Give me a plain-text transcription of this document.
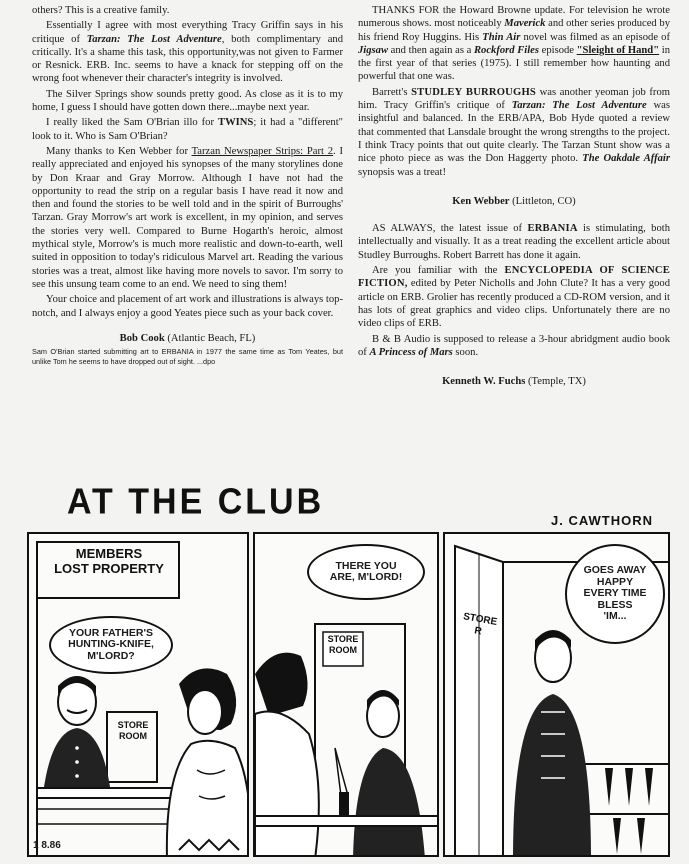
others? This is a creative family.

Essentially I agree with most everything Tracy Griffin says in his critique of Tarzan: The Lost Adventure, both complimentary and critically. It's a shame this task, this opportunity,was not given to Farmer or Resnick. ERB. Inc. seems to have a knack for stepping off on the wrong foot whenever their character's integrity is involved.

The Silver Springs show sounds pretty good. As close as it is to my home, I guess I should have gotten down there...maybe next year.

I really liked the Sam O'Brian illo for TWINS; it had a "different" look to it. Who is Sam O'Brian?

Many thanks to Ken Webber for Tarzan Newspaper Strips: Part 2. I really appreciated and enjoyed his synopses of the many storylines done by Don Kraar and Gray Morrow. Although I have not had the opportunity to read the strip on a regular basis I have read it now and then and found the stories to be well told and in the spirit of Burroughs' Tarzan. Gray Morrow's art work is excellent, in my opinion, and serves the stories very well. Compared to Burne Hogarth's heroic, almost mythical style, Morrow's is much more realistic and down-to-earth, well suited in opposition to today's ridiculous Marvel art. Reading the various stories was a treat, almost like having more novels to savor. I'm sorry to see this unsung team come to an end. We need to sing them!

Your choice and placement of art work and illustrations is always top-notch, and I always enjoy a good Yeates piece such as your back cover.

Bob Cook (Atlantic Beach, FL)

Sam O'Brian started submitting art to ERBANIA in 1977 the same time as Tom Yeates, but unlike Tom he seems to have dropped out of sight. ...dpo

THANKS FOR the Howard Browne update. For television he wrote numerous shows. most noticeably Maverick and other series produced by his friend Roy Huggins. His Thin Air novel was filmed as an episode of Jigsaw and then again as a Rockford Files episode "Sleight of Hand" in the first year of that series (1975). I still remember how haunting and powerful that one was.

Barrett's STUDLEY BURROUGHS was another yeoman job from him. Tracy Griffin's critique of Tarzan: The Lost Adventure was insightful and balanced. In the ERB/APA, Bob Hyde quoted a review that commented that Lansdale brought the wrong strengths to the project. I think Tracy points that out quite clearly. The Tarzan Stunt show was a nice photo piece as was the Don Haggerty photo. The Oakdale Affair synopsis was a treat!

Ken Webber (Littleton, CO)

AS ALWAYS, the latest issue of ERBANIA is stimulating, both intellectually and visually. It as a treat reading the excellent article about Studley Burroughs. Robert Barrett has done it again.

Are you familiar with the ENCYCLOPEDIA OF SCIENCE FICTION, edited by Peter Nicholls and John Clute? It has a very good article on ERB. Grolier has recently produced a CD-ROM version, and it has lots of great graphics and video clips. Unfortunately there are no video clips of ERB.

B & B Audio is supposed to release a 3-hour abridgment audio book of A Princess of Mars soon.

Kenneth W. Fuchs (Temple, TX)

AT THE CLUB	J. CAWTHORN
MEMBERS
LOST PROPERTY
YOUR FATHER'S
HUNTING-KNIFE,
M'LORD?
STORE
ROOM
1 8.86
THERE YOU
ARE, M'LORD!
STORE
ROOM
STORE
R
GOES AWAY
HAPPY
EVERY TIME
BLESS
'IM...
